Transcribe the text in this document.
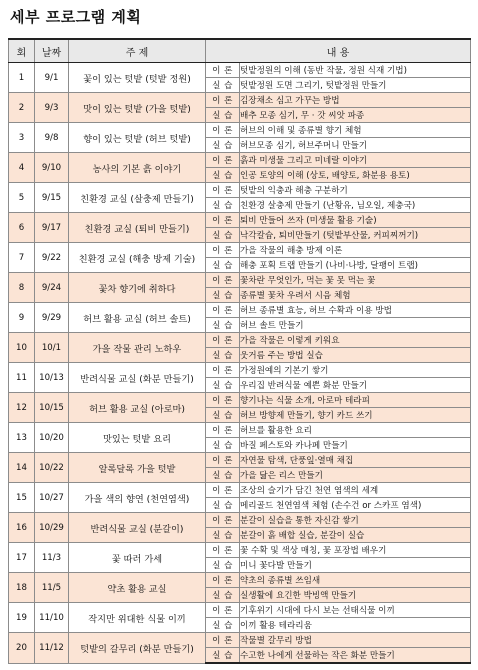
세부 프로그램 계획
회	날짜	주 제	내 용	
1	9/1	꽃이 있는 텃밭 (텃밭 정원)	이 론	텃밭정원의 이해 (동반 작물, 정원 식재 기법)
			실 습	텃밭정원 도면 그리기, 텃밭정원 만들기
2	9/3	맛이 있는 텃밭 (가을 텃밭)	이 론	김장채소 심고 가꾸는 방법
			실 습	배추 모종 심기, 무 · 갓 씨앗 파종
3	9/8	향이 있는 텃밭 (허브 텃밭)	이 론	허브의 이해 및 종류별 향기 체험
			실 습	허브모종 심기, 허브주머니 만들기
4	9/10	농사의 기본 흙 이야기	이 론	흙과 미생물 그리고 미네랄 이야기
			실 습	인공 토양의 이해 (상토, 배양토, 화분용 용토)
5	9/15	친환경 교실 (살충제 만들기)	이 론	텃밭의 익충과 해충 구분하기
			실 습	친환경 살충제 만들기 (난황유, 님오일, 제충국)
6	9/17	친환경 교실 (퇴비 만들기)	이 론	퇴비 만들어 쓰자 (미생물 활용 기술)
			실 습	낙각칼슘, 퇴비만들기 (텃밭부산물, 커피찌꺼기)
7	9/22	친환경 교실 (해충 방제 기술)	이 론	가을 작물의 해충 방제 이론
			실 습	해충 포획 트랩 만들기 (나비·나방, 달팽이 트랩)
8	9/24	꽃차 향기에 취하다	이 론	꽃차란 무엇인가, 먹는 꽃 못 먹는 꽃
			실 습	종류별 꽃차 우려서 시음 체험
9	9/29	허브 활용 교실 (허브 솔트)	이 론	허브 종류별 효능, 허브 수확과 이용 방법
			실 습	허브 솔트 만들기
10	10/1	가을 작물 관리 노하우	이 론	가을 작물은 이렇게 키워요
			실 습	웃거름 주는 방법 실습
11	10/13	반려식물 교실 (화분 만들기)	이 론	가정원예의 기본기 쌓기
			실 습	우리집 반려식물 예쁜 화분 만들기
12	10/15	허브 활용 교실 (아로마)	이 론	향기나는 식물 소개, 아로마 테라피
			실 습	허브 방향제 만들기, 향기 카드 쓰기
13	10/20	맛있는 텃밭 요리	이 론	허브를 활용한 요리
			실 습	바질 페스토와 카나페 만들기
14	10/22	알록달록 가을 텃밭	이 론	자연물 탐색, 단풍잎·열매 채집
			실 습	가을 닮은 리스 만들기
15	10/27	가을 색의 향연 (천연염색)	이 론	조상의 슬기가 담긴 천연 염색의 세계
			실 습	메리골드 천연염색 체험 (손수건 or 스카프 염색)
16	10/29	반려식물 교실 (분갈이)	이 론	분갈이 실습을 통한 자신감 쌓기
			실 습	분갈이 흙 배합 실습, 분갈이 실습
17	11/3	꽃 따러 가세	이 론	꽃 수확 및 색상 매칭, 꽃 포장법 배우기
			실 습	미니 꽃다발 만들기
18	11/5	약초 활용 교실	이 론	약초의 종류별 쓰임새
			실 습	실생활에 요긴한 박빙액 만들기
19	11/10	작지만 위대한 식물 이끼	이 론	기후위기 시대에 다시 보는 선태식물 이끼
			실 습	이끼 활용 테라리움
20	11/12	텃밭의 갈무리 (화분 만들기)	이 론	작물별 갈무리 방법
			실 습	수고한 나에게 선물하는 작은 화분 만들기
